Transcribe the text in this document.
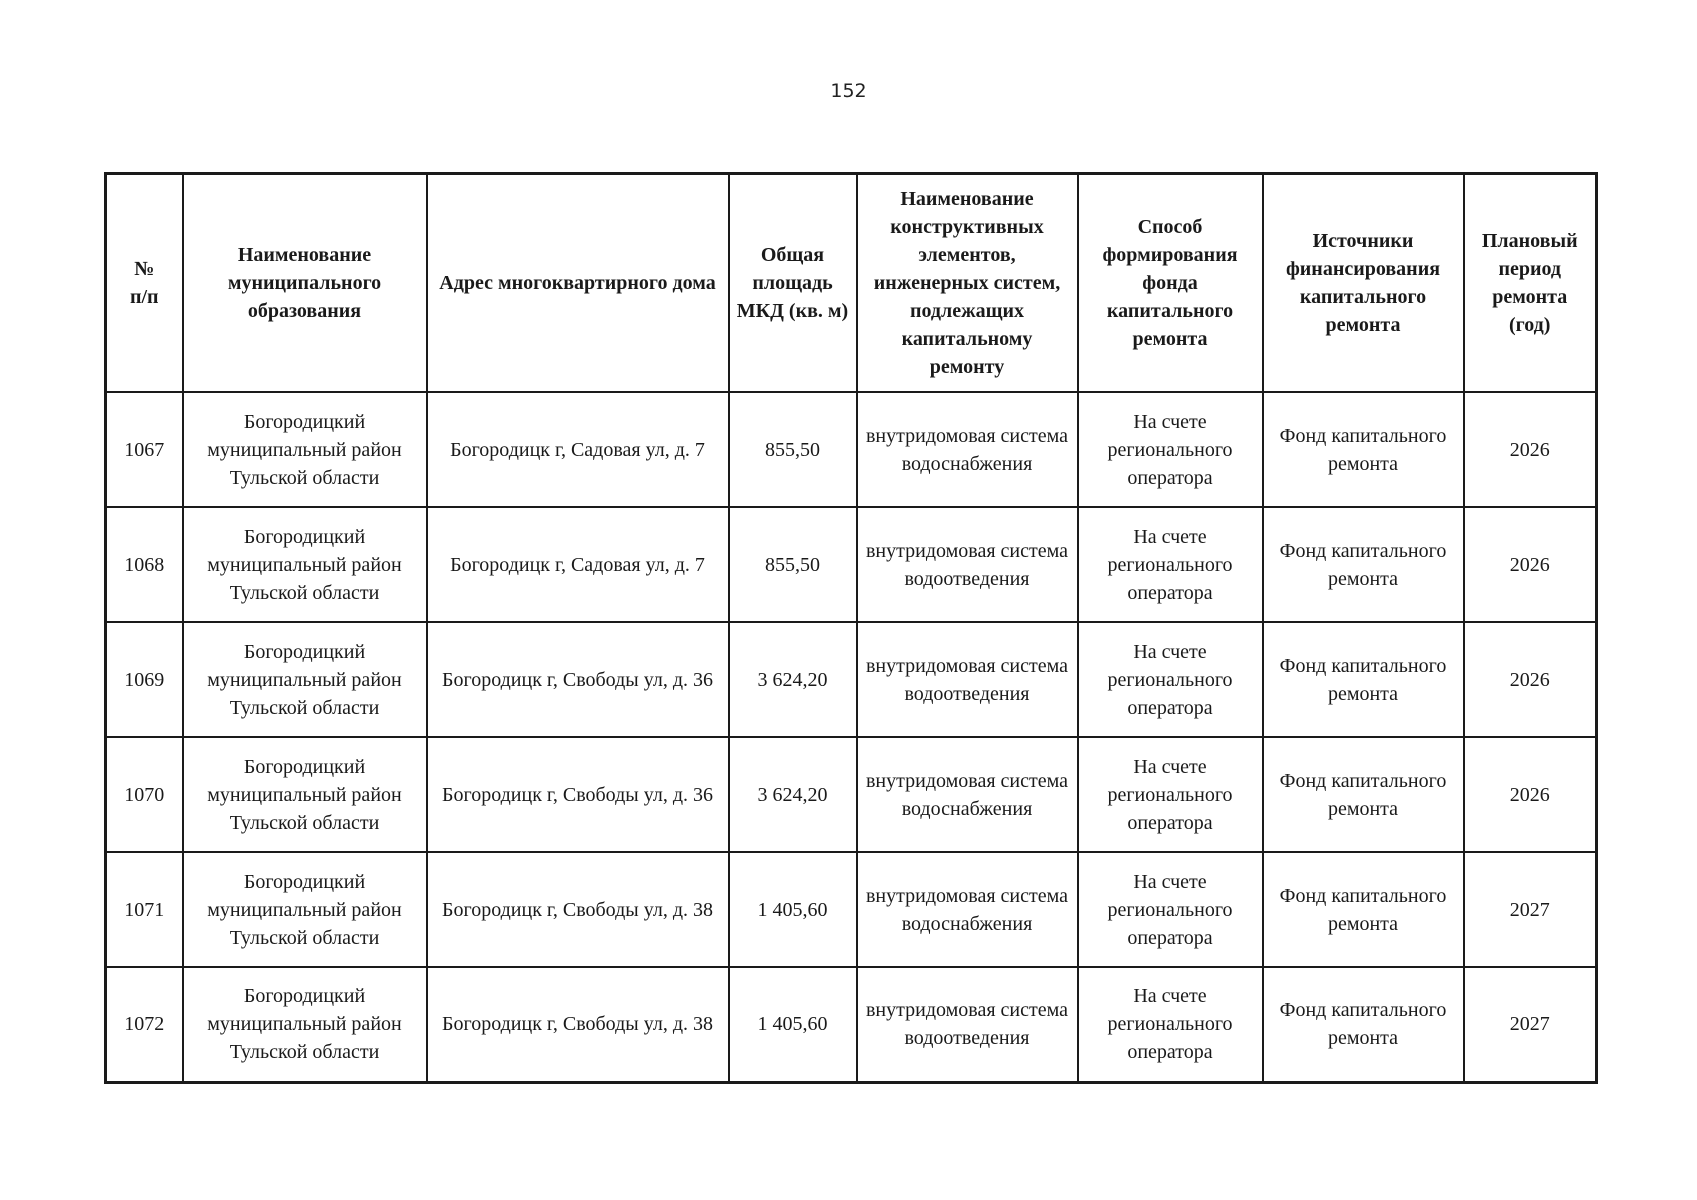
152
№
п/п	Наименование муниципального образования	Адрес многоквартирного дома	Общая площадь МКД (кв. м)	Наименование конструктивных элементов, инженерных систем, подлежащих капитальному ремонту	Способ формирования фонда капитального ремонта	Источники финансирования капитального ремонта	Плановый период ремонта (год)
1067	Богородицкий муниципальный район Тульской области	Богородицк г, Садовая ул, д. 7	855,50	внутридомовая система водоснабжения	На счете регионального оператора	Фонд капитального ремонта	2026
1068	Богородицкий муниципальный район Тульской области	Богородицк г, Садовая ул, д. 7	855,50	внутридомовая система водоотведения	На счете регионального оператора	Фонд капитального ремонта	2026
1069	Богородицкий муниципальный район Тульской области	Богородицк г, Свободы ул, д. 36	3 624,20	внутридомовая система водоотведения	На счете регионального оператора	Фонд капитального ремонта	2026
1070	Богородицкий муниципальный район Тульской области	Богородицк г, Свободы ул, д. 36	3 624,20	внутридомовая система водоснабжения	На счете регионального оператора	Фонд капитального ремонта	2026
1071	Богородицкий муниципальный район Тульской области	Богородицк г, Свободы ул, д. 38	1 405,60	внутридомовая система водоснабжения	На счете регионального оператора	Фонд капитального ремонта	2027
1072	Богородицкий муниципальный район Тульской области	Богородицк г, Свободы ул, д. 38	1 405,60	внутридомовая система водоотведения	На счете регионального оператора	Фонд капитального ремонта	2027
